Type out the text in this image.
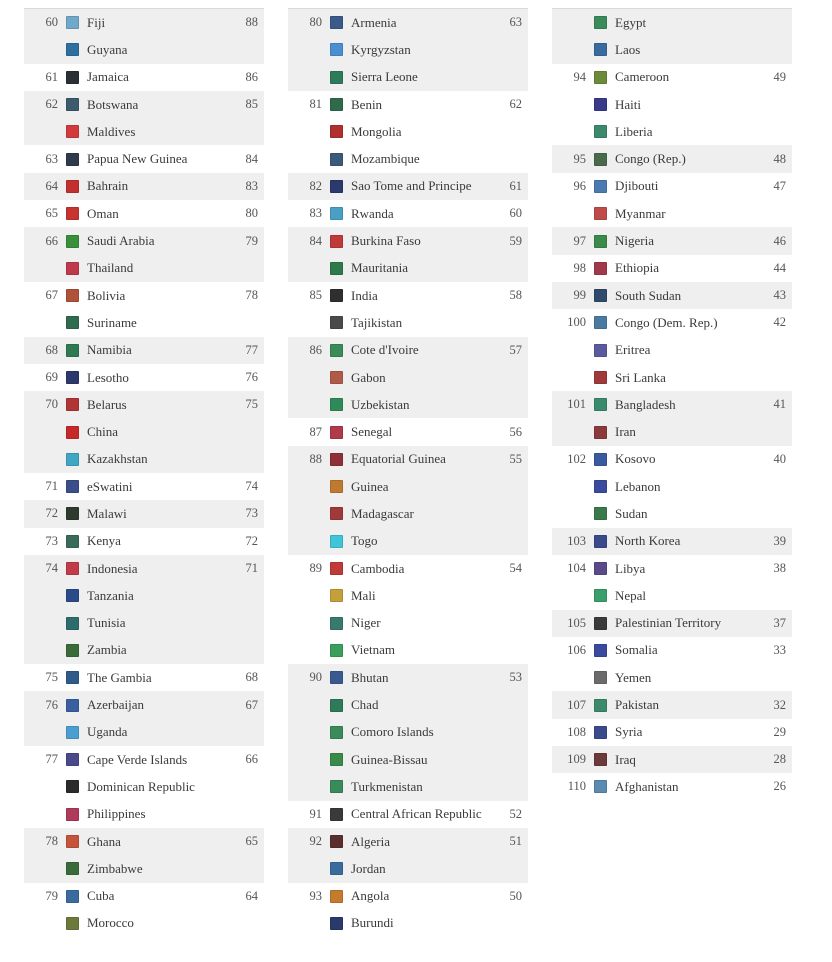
60	Fiji	88
Guyana
61	Jamaica	86
62	Botswana	85
Maldives
63	Papua New Guinea	84
64	Bahrain	83
65	Oman	80
66	Saudi Arabia	79
Thailand
67	Bolivia	78
Suriname
68	Namibia	77
69	Lesotho	76
70	Belarus	75
China
Kazakhstan
71	eSwatini	74
72	Malawi	73
73	Kenya	72
74	Indonesia	71
Tanzania
Tunisia
Zambia
75	The Gambia	68
76	Azerbaijan	67
Uganda
77	Cape Verde Islands	66
Dominican Republic
Philippines
78	Ghana	65
Zimbabwe
79	Cuba	64
Morocco
80	Armenia	63
Kyrgyzstan
Sierra Leone
81	Benin	62
Mongolia
Mozambique
82	Sao Tome and Principe	61
83	Rwanda	60
84	Burkina Faso	59
Mauritania
85	India	58
Tajikistan
86	Cote d'Ivoire	57
Gabon
Uzbekistan
87	Senegal	56
88	Equatorial Guinea	55
Guinea
Madagascar
Togo
89	Cambodia	54
Mali
Niger
Vietnam
90	Bhutan	53
Chad
Comoro Islands
Guinea-Bissau
Turkmenistan
91	Central African Republic	52
92	Algeria	51
Jordan
93	Angola	50
Burundi
Egypt
Laos
94	Cameroon	49
Haiti
Liberia
95	Congo (Rep.)	48
96	Djibouti	47
Myanmar
97	Nigeria	46
98	Ethiopia	44
99	South Sudan	43
100	Congo (Dem. Rep.)	42
Eritrea
Sri Lanka
101	Bangladesh	41
Iran
102	Kosovo	40
Lebanon
Sudan
103	North Korea	39
104	Libya	38
Nepal
105	Palestinian Territory	37
106	Somalia	33
Yemen
107	Pakistan	32
108	Syria	29
109	Iraq	28
110	Afghanistan	26
